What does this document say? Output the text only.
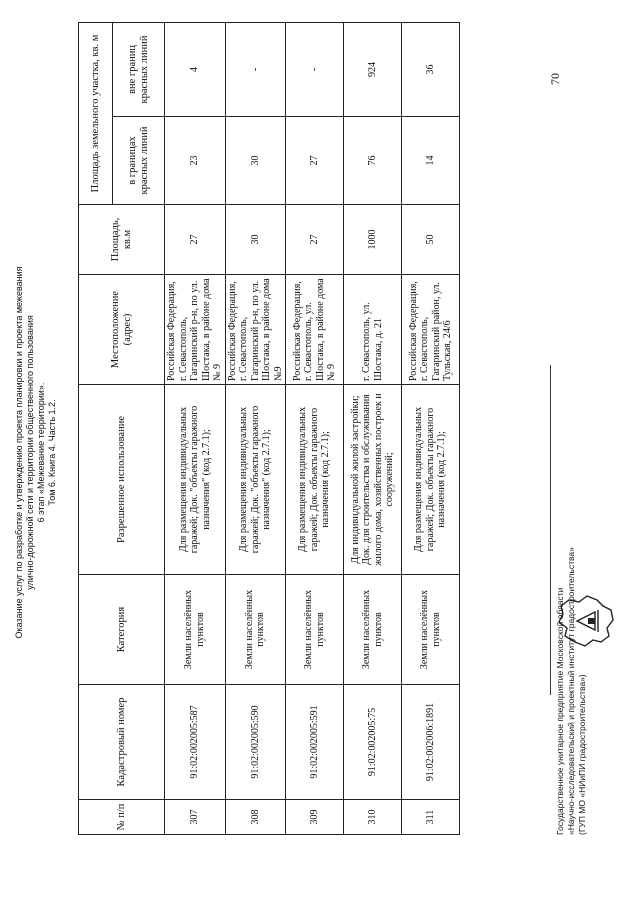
Оказание услуг по разработке и утверждению проекта планировки и проекта межевания улично-дорожной сети и территории общественного пользования 6 этап «Межевание территории». Том 6. Книга 4. Часть 1.2.
№ п/п	Кадастровый номер	Категория	Разрешенное использование	Местоположение (адрес)	Площадь, кв.м	Площадь земельного участка, кв. м	
						в границах красных линий	вне границ красных линий
307	91:02:002005:587	Земли населённых пунктов	Для размещения индивидуальных гаражей; Док. "объекты гаражного назначения" (код 2.7.1);	Российская Федерация, г. Севастополь, Гагаринский р-н, по ул. Шостака, в районе дома № 9	27	23	4
308	91:02:002005:590	Земли населённых пунктов	Для размещения индивидуальных гаражей; Док. "объекты гаражного назначения" (код 2.7.1);	Российская Федерация, г. Севастополь, Гагаринский р-н, по ул. Шостака, в районе дома №9	30	30	-
309	91:02:002005:591	Земли населённых пунктов	Для размещения индивидуальных гаражей; Док. объекты гаражного назначения (код 2.7.1);	Российская Федерация, г. Севастополь, ул. Шостака, в районе дома № 9	27	27	-
310	91:02:002005:75	Земли населённых пунктов	Для индивидуальной жилой застройки; Док. для строительства и обслуживания жилого дома, хозяйственных построек и сооружений;	г. Севастополь, ул. Шостака, д. 21	1000	76	924
311	91:02:002006:1891	Земли населённых пунктов	Для размещения индивидуальных гаражей; Док. объекты гаражного назначения (код 2.7.1);	Российская Федерация, г. Севастополь, Гагаринский район, ул. Тульская, 24/6	50	14	36
70
Государственное унитарное предприятие Московской области «Научно-исследовательский и проектный институт градостроительства» (ГУП МО «НИиПИ градостроительства»)
